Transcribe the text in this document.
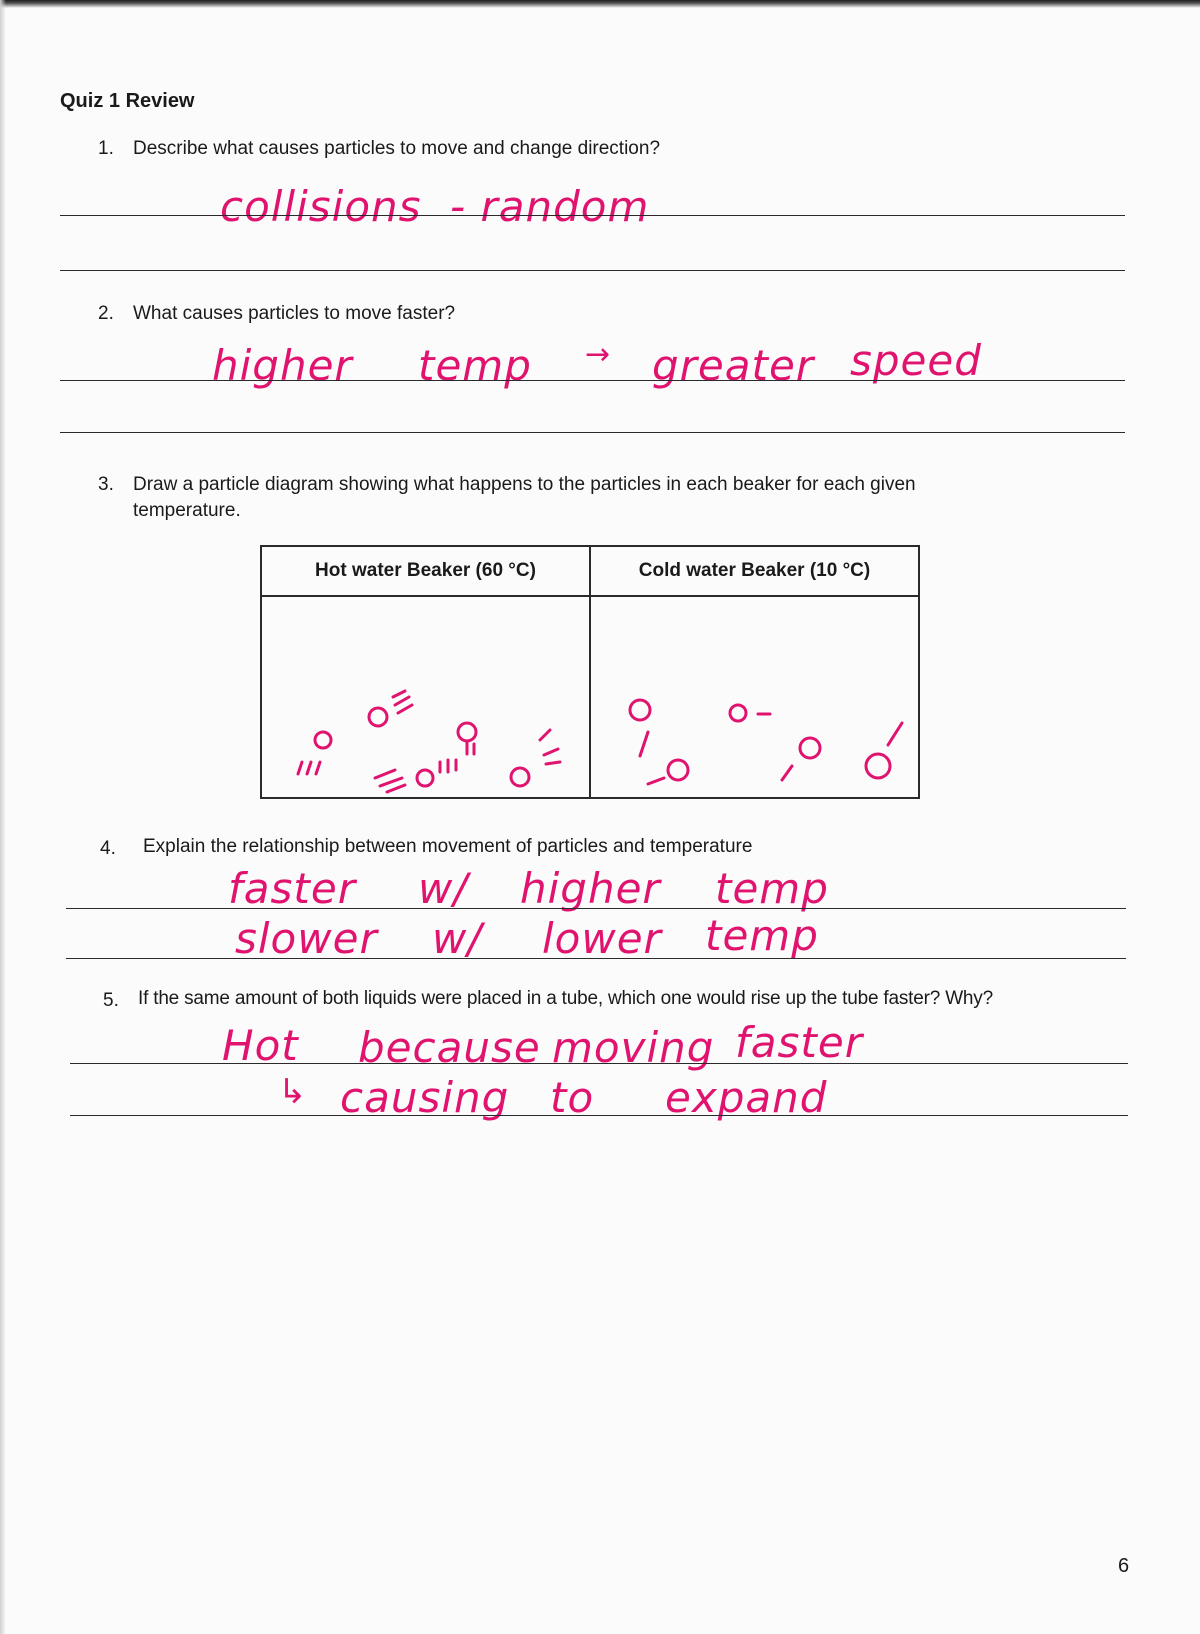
Quiz 1 Review
1. Describe what causes particles to move and change direction?
collisions - random
2. What causes particles to move faster?
higher temp → greater speed
3. Draw a particle diagram showing what happens to the particles in each beaker for each given
temperature.
Hot water Beaker (60 °C)	Cold water Beaker (10 °C)

4. Explain the relationship between movement of particles and temperature
faster w/ higher temp
slower w/ lower temp
5. If the same amount of both liquids were placed in a tube, which one would rise up the tube faster? Why?
Hot because moving faster
↳ causing to expand
6
